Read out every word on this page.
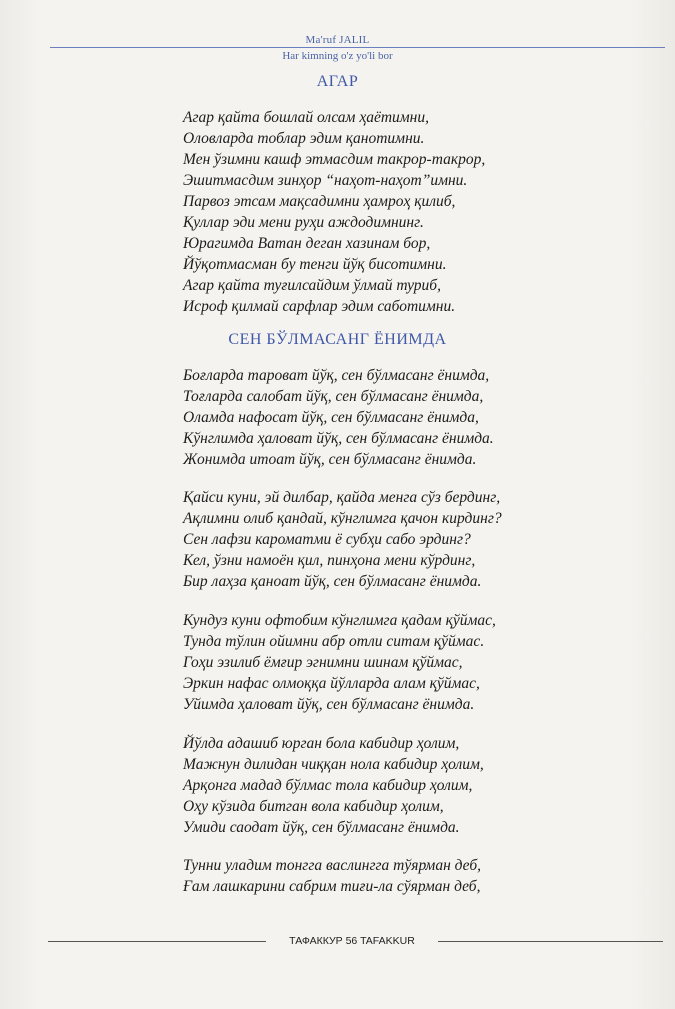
Ma'ruf JALIL
Har kimning o'z yo'li bor
АГАР
Агар қайта бошлай олсам ҳаётимни,
Оловларда тоблар эдим қанотимни.
Мен ўзимни кашф этмасдим такрор-такрор,
Эшитмасдим зинҳор “наҳот-наҳот”имни.
Парвоз этсам мақсадимни ҳамроҳ қилиб,
Қуллар эди мени руҳи аждодимнинг.
Юрагимда Ватан деган хазинам бор,
Йўқотмасман бу тенги йўқ бисотимни.
Агар қайта туғилсайдим ўлмай туриб,
Исроф қилмай сарфлар эдим саботимни.
СЕН БЎЛМАСАНГ ЁНИМДА
Боғларда таровaт йўқ, сен бўлмасанг ёнимда,
Тоғларда салобат йўқ, сен бўлмасанг ёнимда,
Оламда нафосат йўқ, сен бўлмасанг ёнимда,
Кўнглимда ҳаловат йўқ, сен бўлмасанг ёнимда.
Жонимда итоат йўқ, сен бўлмасанг ёнимда.
Қайси куни, эй дилбар, қайда менга сўз бердинг,
Ақлимни олиб қандай, кўнглимга қачон кирдинг?
Сен лафзи кароматми ё субҳи сабо эрдинг?
Кел, ўзни намоён қил, пинҳона мени кўрдинг,
Бир лаҳза қаноат йўқ, сен бўлмасанг ёнимда.
Кундуз куни офтобим кўнглимга қадам қўймас,
Тунда тўлин ойимни абр отли ситам қўймас.
Гоҳи эзилиб ёмғир эгнимни шинам қўймас,
Эркин нафас олмоққа йўлларда алам қўймас,
Уйимда ҳаловат йўқ, сен бўлмасанг ёнимда.
Йўлда адашиб юрган бола кабидир ҳолим,
Мажнун дилидан чиққан нола кабидир ҳолим,
Арқонга мадад бўлмас тола кабидир ҳолим,
Оҳу кўзида битган вола кабидир ҳолим,
Умиди саодат йўқ, сен бўлмасанг ёнимда.
Тунни уладим тонгга васлингга тўярман деб,
Ғам лашкарини сабрим тиғи-ла сўярман деб,
ТАФАККУР 56 TAFAKKUR
